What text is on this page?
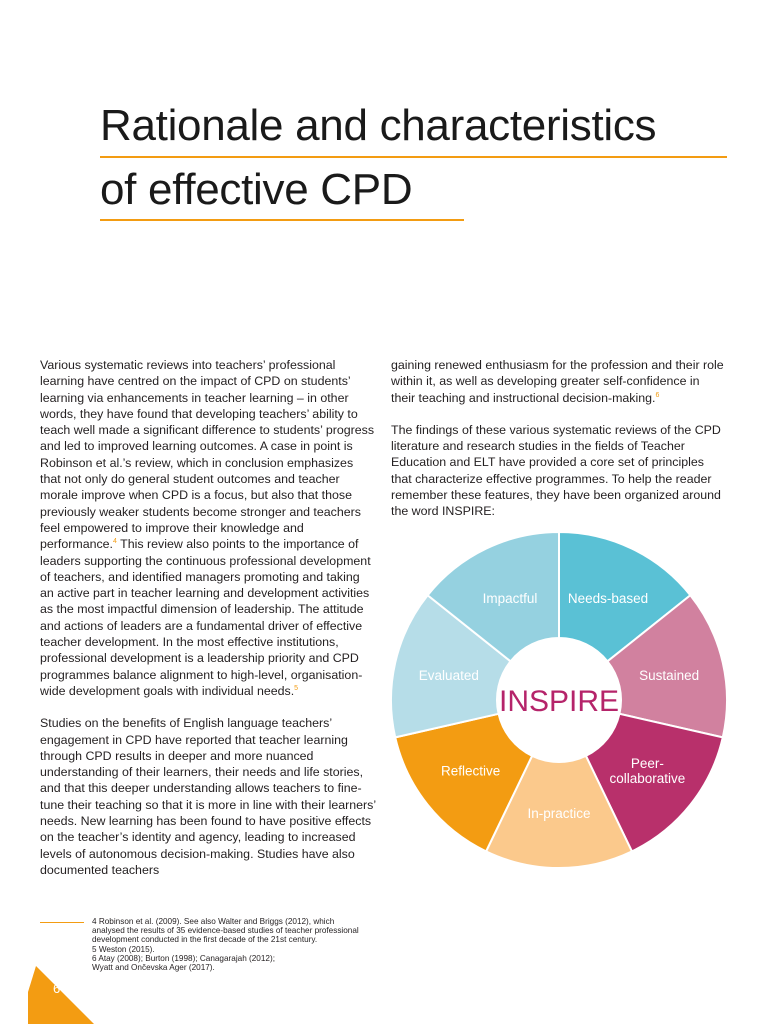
Rationale and characteristics
of effective CPD

Various systematic reviews into teachers’ professional learning have centred on the impact of CPD on students’ learning via enhancements in teacher learning – in other words, they have found that developing teachers’ ability to teach well made a significant difference to students’ progress and led to improved learning outcomes. A case in point is Robinson et al.’s review, which in conclusion emphasizes that not only do general student outcomes and teacher morale improve when CPD is a focus, but also that those previously weaker students become stronger and teachers feel empowered to improve their knowledge and performance.$^4$ This review also points to the importance of leaders supporting the continuous professional development of teachers, and identified managers promoting and taking an active part in teacher learning and development activities as the most impactful dimension of leadership. The attitude and actions of leaders are a fundamental driver of effective teacher development. In the most effective institutions, professional development is a leadership priority and CPD programmes balance alignment to high-level, organisation-wide development goals with individual needs.$^5$

Studies on the benefits of English language teachers’ engagement in CPD have reported that teacher learning through CPD results in deeper and more nuanced understanding of their learners, their needs and life stories, and that this deeper understanding allows teachers to fine-tune their teaching so that it is more in line with their learners’ needs. New learning has been found to have positive effects on the teacher’s identity and agency, leading to increased levels of autonomous decision-making. Studies have also documented teachers

gaining renewed enthusiasm for the profession and their role within it, as well as developing greater self-confidence in their teaching and instructional decision-making.$^6$

The findings of these various systematic reviews of the CPD literature and research studies in the fields of Teacher Education and ELT have provided a core set of principles that characterize effective programmes. To help the reader remember these features, they have been organized around the word INSPIRE:

Needs-based
Sustained
Peer-collaborative
In-practice
Reflective
Evaluated
Impactful
INSPIRE
4 Robinson et al. (2009). See also Walter and Briggs (2012), which
analysed the results of 35 evidence-based studies of teacher professional
development conducted in the first decade of the 21st century.
5 Weston (2015).
6 Atay (2008); Burton (1998); Canagarajah (2012);
Wyatt and Ončevska Ager (2017).
6
